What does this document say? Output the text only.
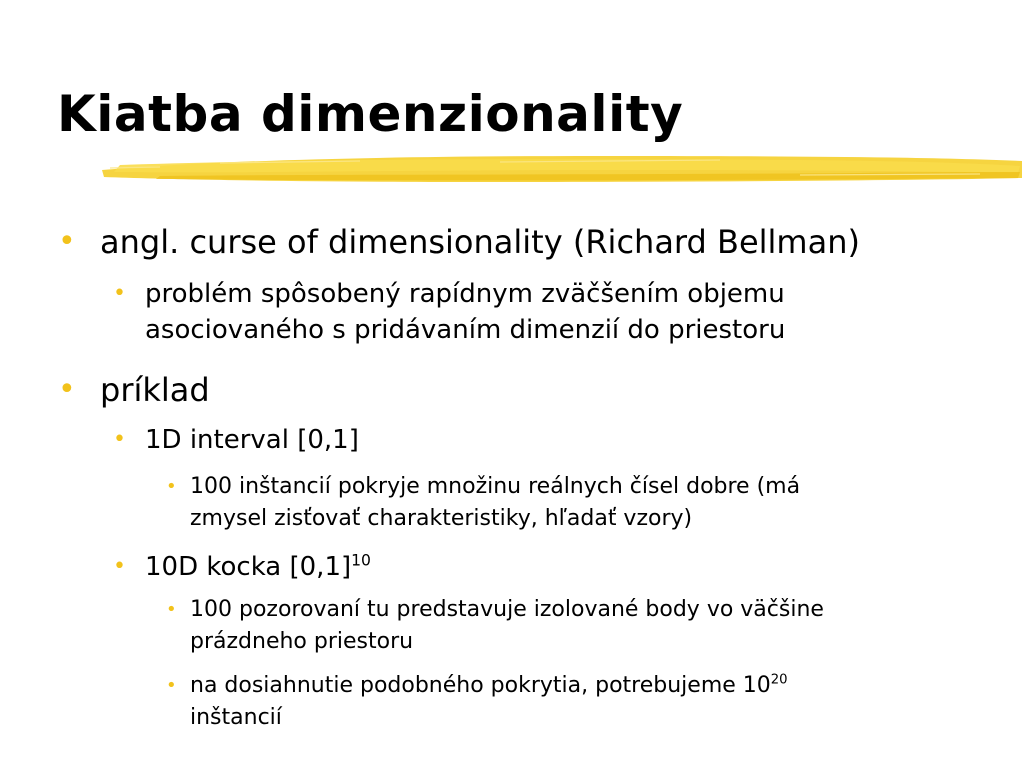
Kiatba dimenzionality
• angl. curse of dimensionality (Richard Bellman)
• problém spôsobený rapídnym zväčšením objemu
asociovaného s pridávaním dimenzií do priestoru
• príklad
• 1D interval [0,1]
• 100 inštancií pokryje množinu reálnych čísel dobre (má
zmysel zisťovať charakteristiky, hľadať vzory)
• 10D kocka $[0,1]^{10}$
• 100 pozorovaní tu predstavuje izolované body vo väčšine
prázdneho priestoru
• na dosiahnutie podobného pokrytia, potrebujeme $10^{20}$
inštancií
